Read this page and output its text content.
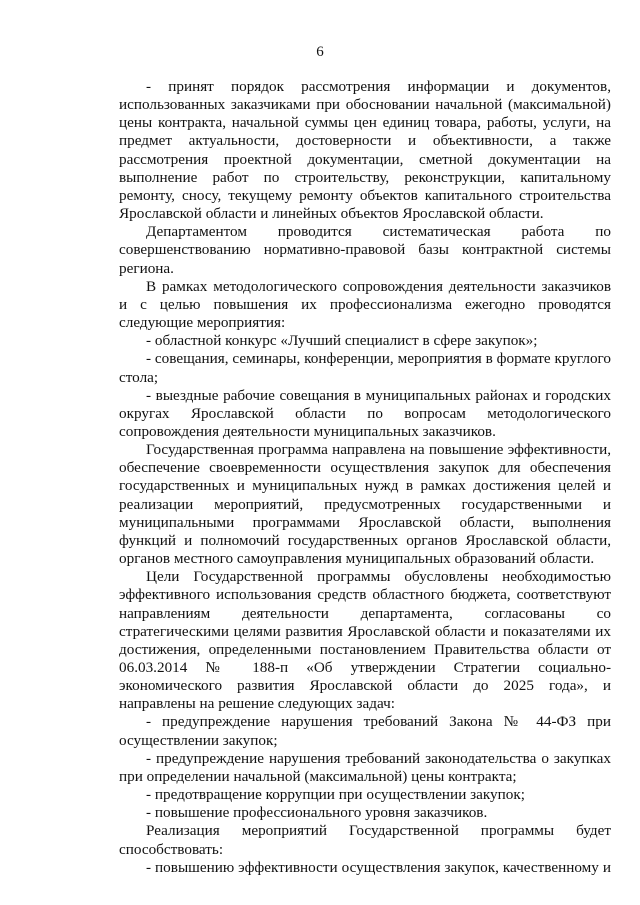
6

- принят порядок рассмотрения информации и документов, использованных заказчиками при обосновании начальной (максимальной) цены контракта, начальной суммы цен единиц товара, работы, услуги, на предмет актуальности, достоверности и объективности, а также рассмотрения проектной документации, сметной документации на выполнение работ по строительству, реконструкции, капитальному ремонту, сносу, текущему ремонту объектов капитального строительства Ярославской области и линейных объектов Ярославской области.

Департаментом проводится систематическая работа по совершенствованию нормативно-правовой базы контрактной системы региона.

В рамках методологического сопровождения деятельности заказчиков и с целью повышения их профессионализма ежегодно проводятся следующие мероприятия:

- областной конкурс «Лучший специалист в сфере закупок»;

- совещания, семинары, конференции, мероприятия в формате круглого стола;

- выездные рабочие совещания в муниципальных районах и городских округах Ярославской области по вопросам методологического сопровождения деятельности муниципальных заказчиков.

Государственная программа направлена на повышение эффективности, обеспечение своевременности осуществления закупок для обеспечения государственных и муниципальных нужд в рамках достижения целей и реализации мероприятий, предусмотренных государственными и муниципальными программами Ярославской области, выполнения функций и полномочий государственных органов Ярославской области, органов местного самоуправления муниципальных образований области.

Цели Государственной программы обусловлены необходимостью эффективного использования средств областного бюджета, соответствуют направлениям деятельности департамента, согласованы со стратегическими целями развития Ярославской области и показателями их достижения, определенными постановлением Правительства области от 06.03.2014 № 188-п «Об утверждении Стратегии социально-экономического развития Ярославской области до 2025 года», и направлены на решение следующих задач:

- предупреждение нарушения требований Закона № 44-ФЗ при осуществлении закупок;

- предупреждение нарушения требований законодательства о закупках при определении начальной (максимальной) цены контракта;

- предотвращение коррупции при осуществлении закупок;

- повышение профессионального уровня заказчиков.

Реализация мероприятий Государственной программы будет способствовать:

- повышению эффективности осуществления закупок, качественному и
